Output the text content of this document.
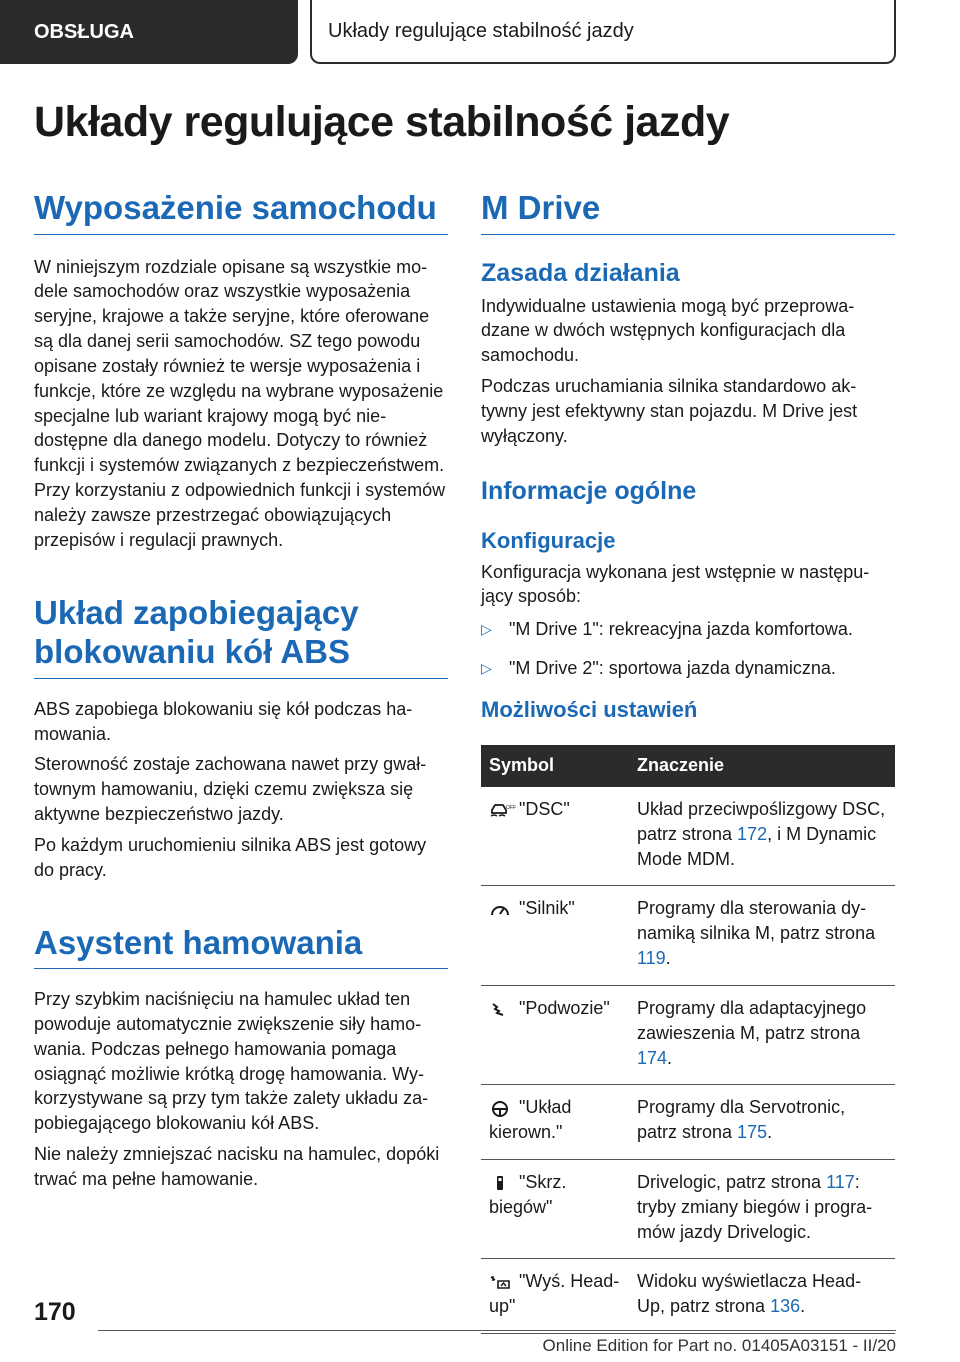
OBSŁUGA	Układy regulujące stabilność jazdy
Układy regulujące stabilność jazdy
Wyposażenie samochodu

W niniejszym rozdziale opisane są wszystkie modele samochodów oraz wszystkie wyposażenia seryjne, krajowe a także seryjne, które oferowane są dla danej serii samochodów. SZ tego powodu opisane zostały również te wersje wyposażenia i funkcje, które ze względu na wybrane wyposażenie specjalne lub wariant krajowy mogą być niedostępne dla danego modelu. Dotyczy to również funkcji i systemów związanych z bezpieczeństwem. Przy korzystaniu z odpowiednich funkcji i systemów należy zawsze przestrzegać obowiązujących przepisów i regulacji prawnych.

Układ zapobiegający blokowaniu kół ABS

ABS zapobiega blokowaniu się kół podczas hamowania.

Sterowność zostaje zachowana nawet przy gwałtownym hamowaniu, dzięki czemu zwiększa się aktywne bezpieczeństwo jazdy.

Po każdym uruchomieniu silnika ABS jest gotowy do pracy.

Asystent hamowania

Przy szybkim naciśnięciu na hamulec układ ten powoduje automatycznie zwiększenie siły hamowania. Podczas pełnego hamowania pomaga osiągnąć możliwie krótką drogę hamowania. Wykorzystywane są przy tym także zalety układu zapobiegającego blokowaniu kół ABS.

Nie należy zmniejszać nacisku na hamulec, dopóki trwać ma pełne hamowanie.

M Drive
Zasada działania

Indywidualne ustawienia mogą być przeprowadzane w dwóch wstępnych konfiguracjach dla samochodu.

Podczas uruchamiania silnika standardowo aktywny jest efektywny stan pojazdu. M Drive jest wyłączony.

Informacje ogólne
Konfiguracje

Konfiguracja wykonana jest wstępnie w następujący sposób:

▷ "M Drive 1": rekreacyjna jazda komfortowa.
▷ "M Drive 2": sportowa jazda dynamiczna.
Możliwości ustawień
Symbol	Znaczenie

OFF "DSC"	Układ przeciwpoślizgowy DSC, patrz strona 172, i M Dynamic Mode MDM.
"Silnik"	Programy dla sterowania dynamiką silnika M, patrz strona 119.
"Podwozie"	Programy dla adaptacyjnego zawieszenia M, patrz strona 174.
"Układ kierown."	Programy dla Servotronic, patrz strona 175.
"Skrz. biegów"	Drivelogic, patrz strona 117: tryby zmiany biegów i programów jazdy Drivelogic.
"Wyś. Head-up"	Widoku wyświetlacza Head-Up, patrz strona 136.
170
Online Edition for Part no. 01405A03151 - II/20
